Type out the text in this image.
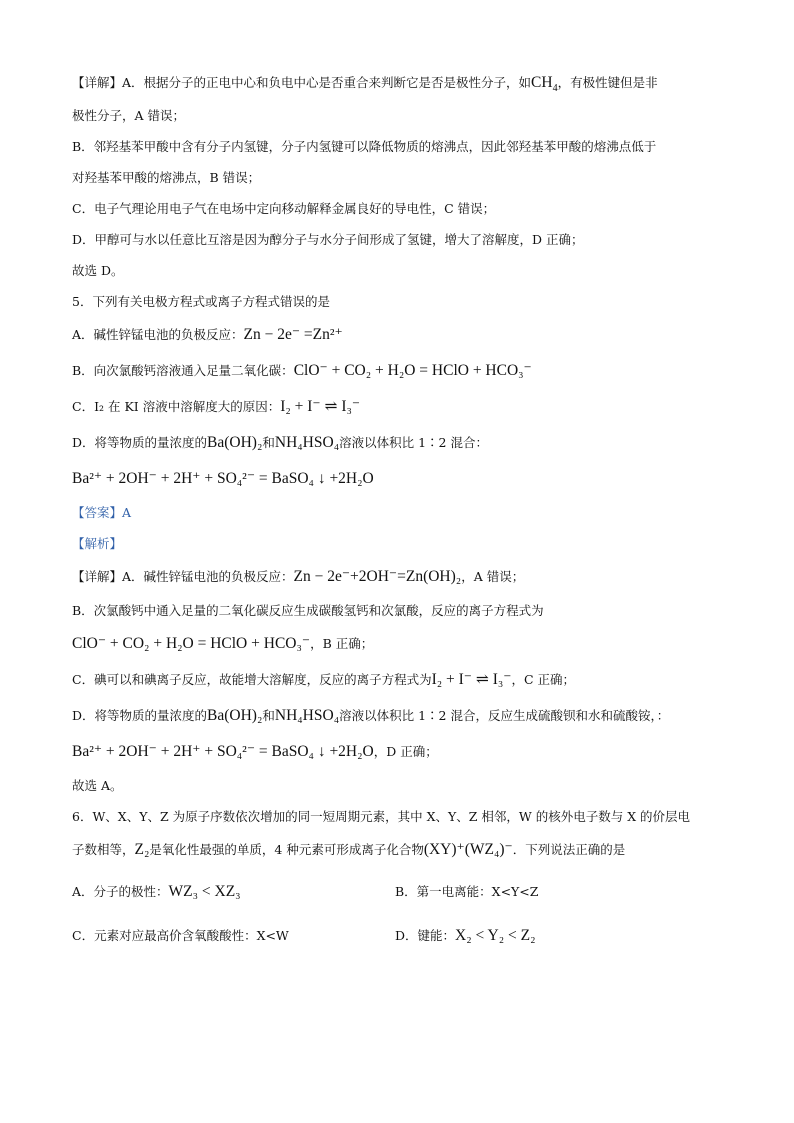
【详解】A．根据分子的正电中心和负电中心是否重合来判断它是否是极性分子，如$CH_4$，有极性键但是非
极性分子，A 错误；
B．邻羟基苯甲酸中含有分子内氢键，分子内氢键可以降低物质的熔沸点，因此邻羟基苯甲酸的熔沸点低于
对羟基苯甲酸的熔沸点，B 错误；
C．电子气理论用电子气在电场中定向移动解释金属良好的导电性，C 错误；
D．甲醇可与水以任意比互溶是因为醇分子与水分子间形成了氢键，增大了溶解度，D 正确；
故选 D。
5．下列有关电极方程式或离子方程式错误的是
A．碱性锌锰电池的负极反应：Zn − 2e⁻ =Zn²⁺
B．向次氯酸钙溶液通入足量二氧化碳：ClO⁻ + CO₂ + H₂O = HClO + HCO₃⁻
C．I₂ 在 KI 溶液中溶解度大的原因：I₂ + I⁻ ⇌ I₃⁻
D．将等物质的量浓度的Ba(OH)₂和NH₄HSO₄溶液以体积比 1∶2 混合：
Ba²⁺ + 2OH⁻ + 2H⁺ + SO₄²⁻ = BaSO₄ ↓ +2H₂O
【答案】A
【解析】
【详解】A．碱性锌锰电池的负极反应：Zn − 2e⁻+2OH⁻=Zn(OH)₂，A 错误；
B．次氯酸钙中通入足量的二氧化碳反应生成碳酸氢钙和次氯酸，反应的离子方程式为
ClO⁻ + CO₂ + H₂O = HClO + HCO₃⁻，B 正确；
C．碘可以和碘离子反应，故能增大溶解度，反应的离子方程式为I₂ + I⁻ ⇌ I₃⁻，C 正确；
D．将等物质的量浓度的Ba(OH)₂和NH₄HSO₄溶液以体积比 1∶2 混合，反应生成硫酸钡和水和硫酸铵，：
Ba²⁺ + 2OH⁻ + 2H⁺ + SO₄²⁻ = BaSO₄ ↓ +2H₂O，D 正确；
故选 A。
6．W、X、Y、Z 为原子序数依次增加的同一短周期元素，其中 X、Y、Z 相邻，W 的核外电子数与 X 的价层电
子数相等，Z₂是氧化性最强的单质，4 种元素可形成离子化合物(XY)⁺(WZ₄)⁻．下列说法正确的是
A．分子的极性：WZ₃ < XZ₃	B．第一电离能：X<Y<Z
C．元素对应最高价含氧酸酸性：X<W	D．键能：X₂ < Y₂ < Z₂
